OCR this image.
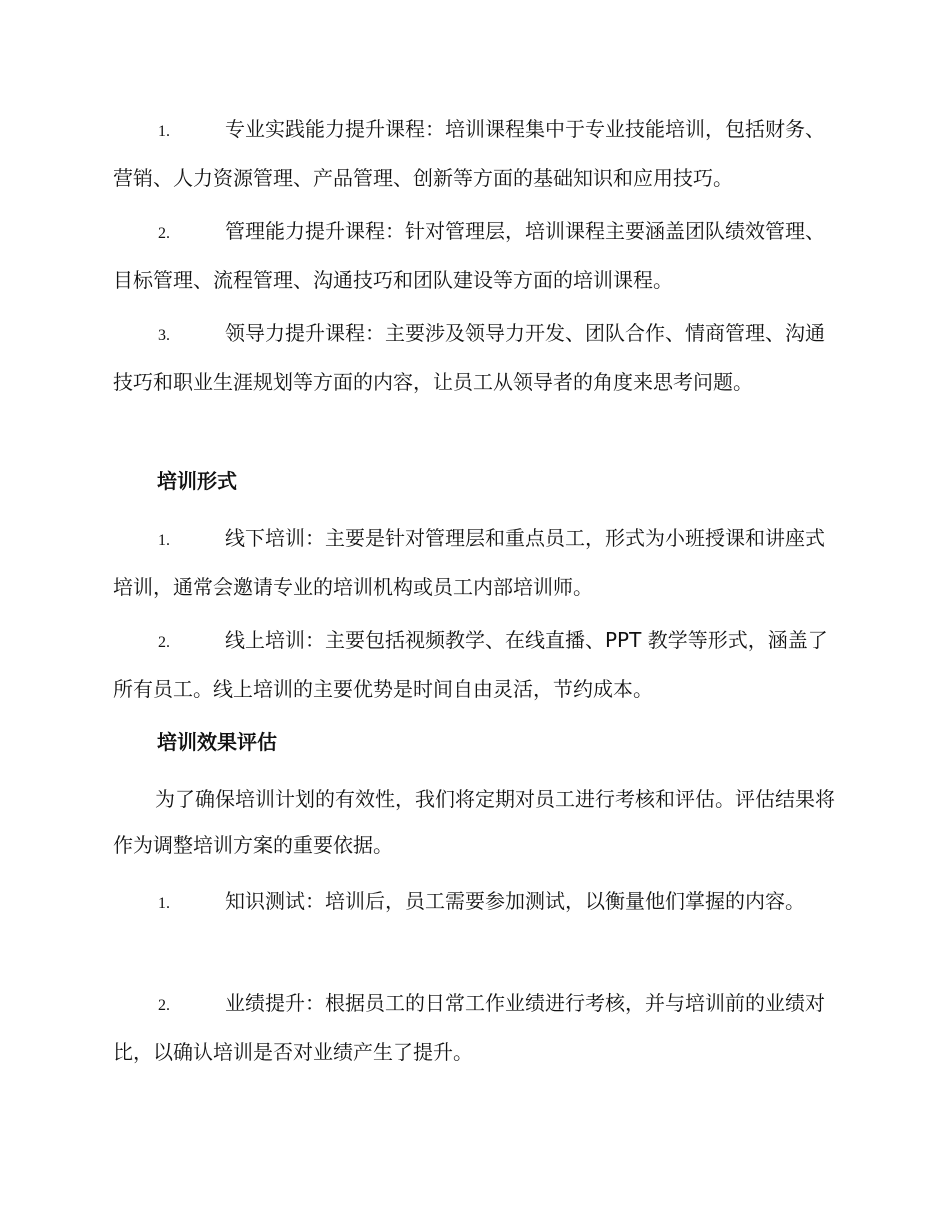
1.	专业实践能力提升课程：培训课程集中于专业技能培训，包括财务、营销、人力资源管理、产品管理、创新等方面的基础知识和应用技巧。

2.	管理能力提升课程：针对管理层，培训课程主要涵盖团队绩效管理、目标管理、流程管理、沟通技巧和团队建设等方面的培训课程。

3.	领导力提升课程：主要涉及领导力开发、团队合作、情商管理、沟通技巧和职业生涯规划等方面的内容，让员工从领导者的角度来思考问题。

培训形式

1.	线下培训：主要是针对管理层和重点员工，形式为小班授课和讲座式培训，通常会邀请专业的培训机构或员工内部培训师。

2.	线上培训：主要包括视频教学、在线直播、PPT 教学等形式，涵盖了所有员工。线上培训的主要优势是时间自由灵活，节约成本。

培训效果评估

为了确保培训计划的有效性，我们将定期对员工进行考核和评估。评估结果将作为调整培训方案的重要依据。

1.	知识测试：培训后，员工需要参加测试，以衡量他们掌握的内容。

2.	业绩提升：根据员工的日常工作业绩进行考核，并与培训前的业绩对比，以确认培训是否对业绩产生了提升。
